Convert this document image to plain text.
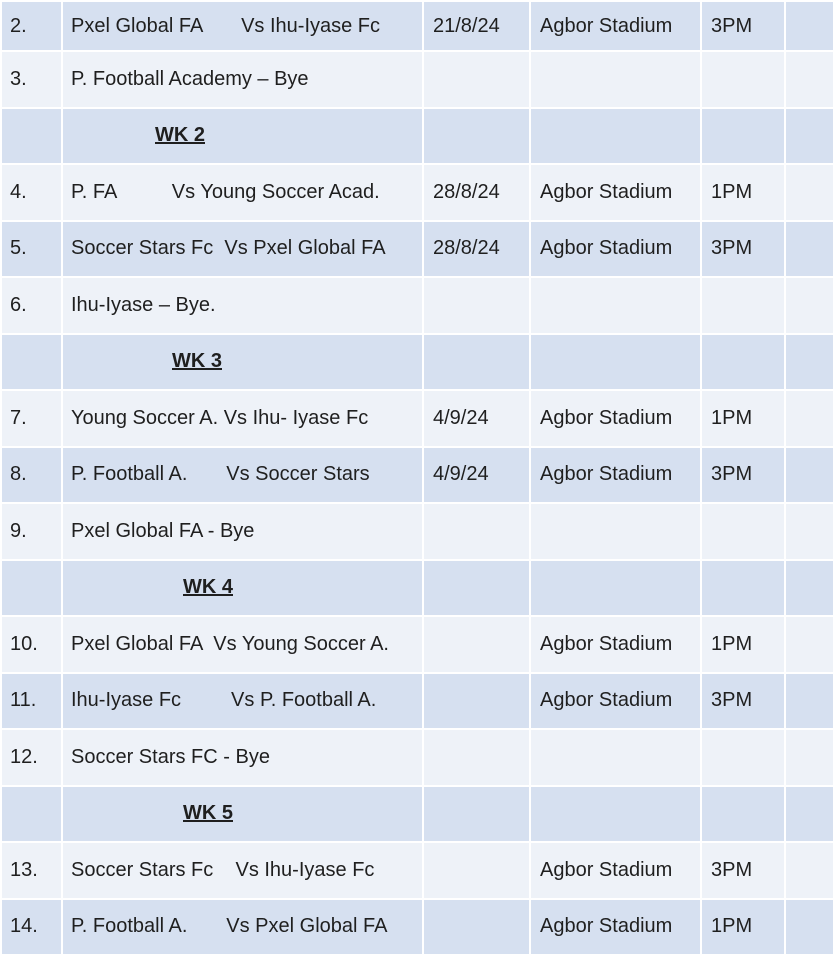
2.	Pxel Global FA       Vs Ihu-Iyase Fc	21/8/24	Agbor Stadium	3PM	
3.	P. Football Academy – Bye				
	WK 2				
4.	P. FA          Vs Young Soccer Acad.	28/8/24	Agbor Stadium	1PM	
5.	Soccer Stars Fc  Vs Pxel Global FA	28/8/24	Agbor Stadium	3PM	
6.	Ihu-Iyase – Bye.				
	WK 3				
7.	Young Soccer A. Vs Ihu- Iyase Fc	4/9/24	Agbor Stadium	1PM	
8.	P. Football A.       Vs Soccer Stars	4/9/24	Agbor Stadium	3PM	
9.	Pxel Global FA - Bye				
	WK 4				
10.	Pxel Global FA  Vs Young Soccer A.		Agbor Stadium	1PM	
11.	Ihu-Iyase Fc         Vs P. Football A.		Agbor Stadium	3PM	
12.	Soccer Stars FC - Bye				
	WK 5				
13.	Soccer Stars Fc    Vs Ihu-Iyase Fc		Agbor Stadium	3PM	
14.	P. Football A.       Vs Pxel Global FA		Agbor Stadium	1PM	
